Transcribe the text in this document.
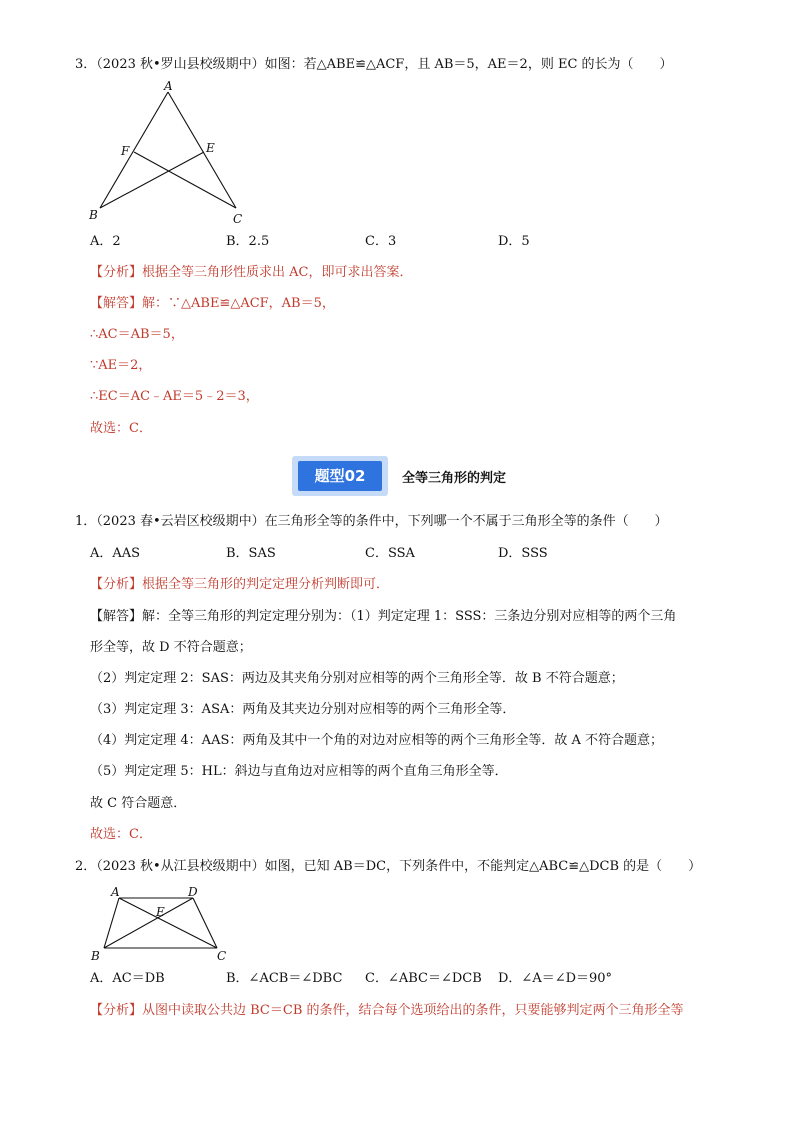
3．（2023 秋•罗山县校级期中）如图：若△ABE≌△ACF，且 AB＝5，AE＝2，则 EC 的长为（　　）
A
F	E
B	C
A．2	B．2.5	C．3	D．5
【分析】根据全等三角形性质求出 AC，即可求出答案．
【解答】解：∵△ABE≌△ACF，AB＝5，
∴AC＝AB＝5，
∵AE＝2，
∴EC＝AC﹣AE＝5﹣2＝3，
故选：C．
题型02	全等三角形的判定
1．（2023 春•云岩区校级期中）在三角形全等的条件中，下列哪一个不属于三角形全等的条件（　　）
A．AAS	B．SAS	C．SSA	D．SSS
【分析】根据全等三角形的判定定理分析判断即可．
【解答】解：全等三角形的判定定理分别为：（1）判定定理 1：SSS：三条边分别对应相等的两个三角
形全等，故 D 不符合题意；
（2）判定定理 2：SAS：两边及其夹角分别对应相等的两个三角形全等．故 B 不符合题意；
（3）判定定理 3：ASA：两角及其夹边分别对应相等的两个三角形全等．
（4）判定定理 4：AAS：两角及其中一个角的对边对应相等的两个三角形全等．故 A 不符合题意；
（5）判定定理 5：HL：斜边与直角边对应相等的两个直角三角形全等．
故 C 符合题意．
故选：C．
2．（2023 秋•从江县校级期中）如图，已知 AB＝DC，下列条件中，不能判定△ABC≌△DCB 的是（　　）
A	D
E
B	C
A．AC＝DB	B．∠ACB＝∠DBC C．∠ABC＝∠DCB D．∠A＝∠D＝90°
【分析】从图中读取公共边 BC＝CB 的条件，结合每个选项给出的条件，只要能够判定两个三角形全等
